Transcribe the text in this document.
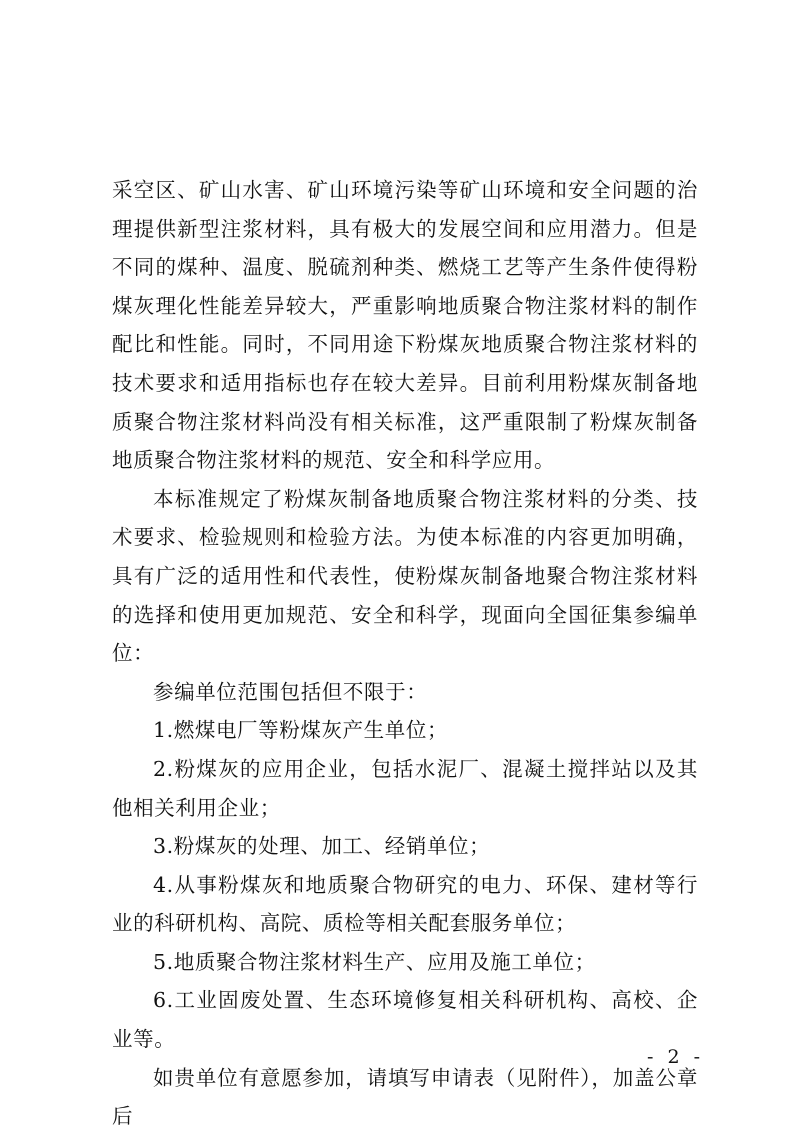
采空区、矿山水害、矿山环境污染等矿山环境和安全问题的治理提供新型注浆材料，具有极大的发展空间和应用潜力。但是不同的煤种、温度、脱硫剂种类、燃烧工艺等产生条件使得粉煤灰理化性能差异较大，严重影响地质聚合物注浆材料的制作配比和性能。同时，不同用途下粉煤灰地质聚合物注浆材料的技术要求和适用指标也存在较大差异。目前利用粉煤灰制备地质聚合物注浆材料尚没有相关标准，这严重限制了粉煤灰制备地质聚合物注浆材料的规范、安全和科学应用。

本标准规定了粉煤灰制备地质聚合物注浆材料的分类、技术要求、检验规则和检验方法。为使本标准的内容更加明确，具有广泛的适用性和代表性，使粉煤灰制备地聚合物注浆材料的选择和使用更加规范、安全和科学，现面向全国征集参编单位：

参编单位范围包括但不限于：

1.燃煤电厂等粉煤灰产生单位；

2.粉煤灰的应用企业，包括水泥厂、混凝土搅拌站以及其他相关利用企业；

3.粉煤灰的处理、加工、经销单位；

4.从事粉煤灰和地质聚合物研究的电力、环保、建材等行业的科研机构、高院、质检等相关配套服务单位；

5.地质聚合物注浆材料生产、应用及施工单位；

6.工业固废处置、生态环境修复相关科研机构、高校、企业等。

如贵单位有意愿参加，请填写申请表（见附件），加盖公章后

- 2 -
